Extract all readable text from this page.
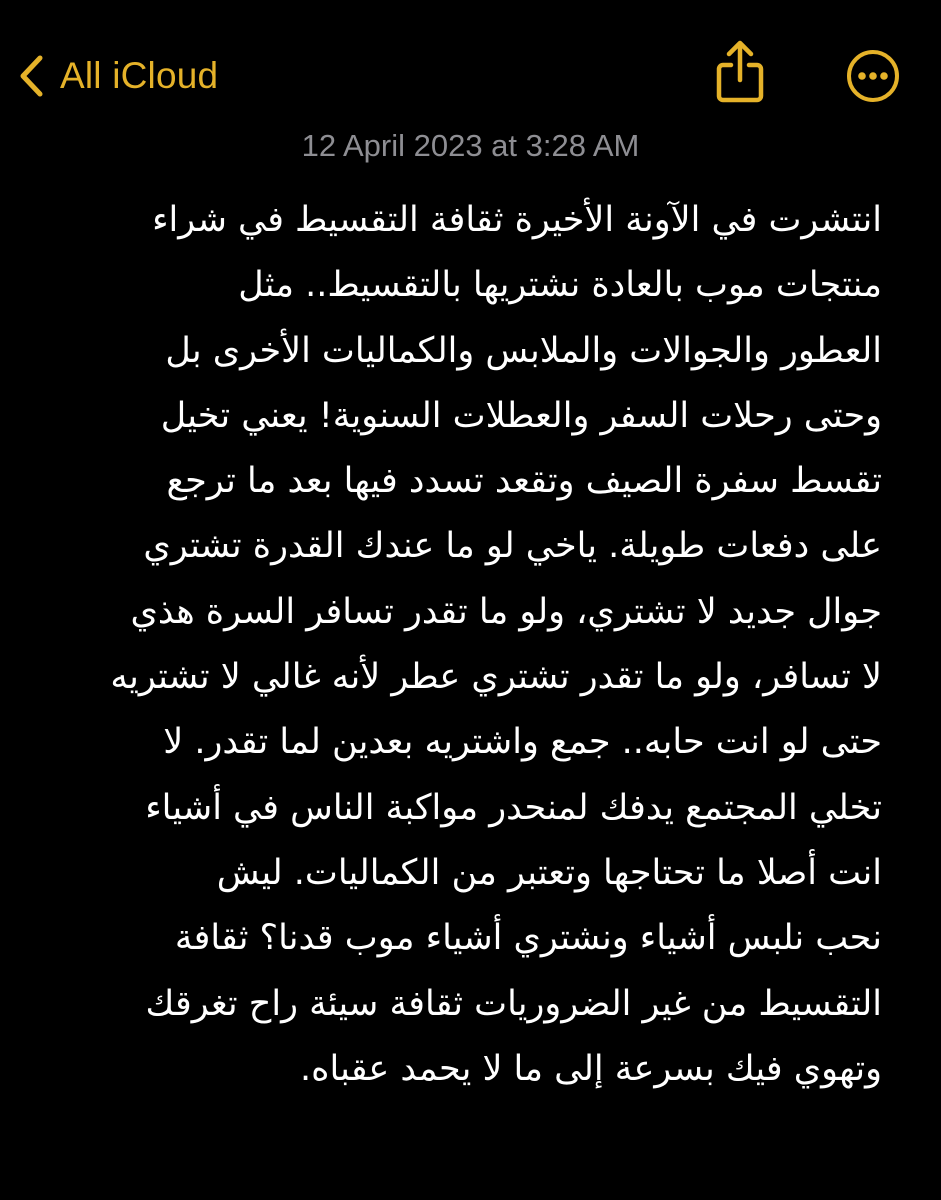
All iCloud
12 April 2023 at 3:28 AM
انتشرت في الآونة الأخيرة ثقافة التقسيط في شراء
منتجات موب بالعادة نشتريها بالتقسيط.. مثل
العطور والجوالات والملابس والكماليات الأخرى بل
وحتى رحلات السفر والعطلات السنوية! يعني تخيل
تقسط سفرة الصيف وتقعد تسدد فيها بعد ما ترجع
على دفعات طويلة. ياخي لو ما عندك القدرة تشتري
جوال جديد لا تشتري، ولو ما تقدر تسافر السرة هذي
لا تسافر، ولو ما تقدر تشتري عطر لأنه غالي لا تشتريه
حتى لو انت حابه.. جمع واشتريه بعدين لما تقدر. لا
تخلي المجتمع يدفك لمنحدر مواكبة الناس في أشياء
انت أصلا ما تحتاجها وتعتبر من الكماليات. ليش
نحب نلبس أشياء ونشتري أشياء موب قدنا؟ ثقافة
التقسيط من غير الضروريات ثقافة سيئة راح تغرقك
وتهوي فيك بسرعة إلى ما لا يحمد عقباه.
